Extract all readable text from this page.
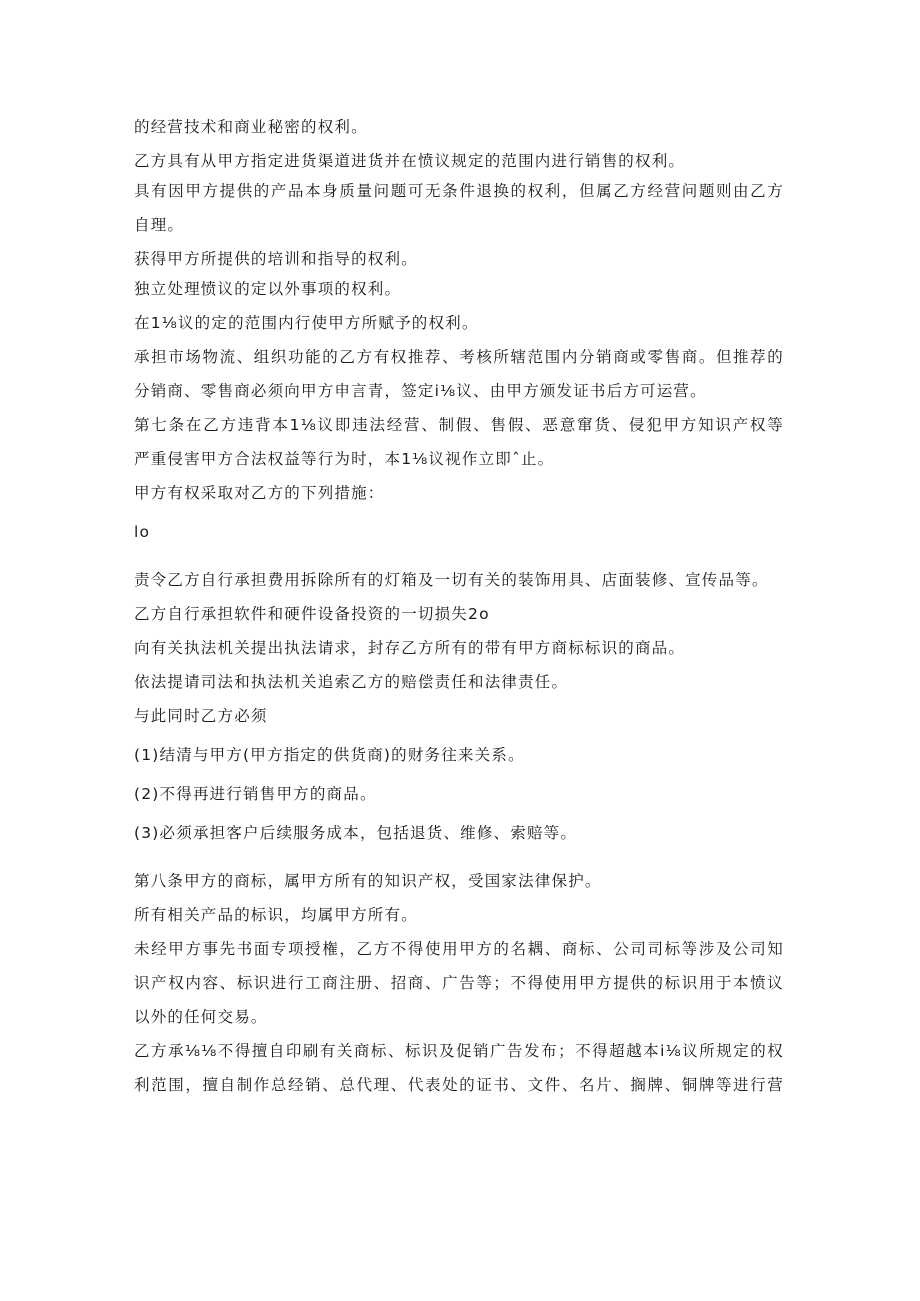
的经营技术和商业秘密的权利。
乙方具有从甲方指定进货渠道进货并在愤议规定的范围内进行销售的权利。
具有因甲方提供的产品本身质量问题可无条件退换的权利，但属乙方经营问题则由乙方
自理。
获得甲方所提供的培训和指导的权利。
独立处理愤议的定以外事项的权利。
在1⅛议的定的范围内行使甲方所赋予的权利。
承担市场物流、组织功能的乙方有权推荐、考核所辖范围内分销商或零售商。但推荐的
分销商、零售商必须向甲方申言青，签定i⅛议、由甲方颁发证书后方可运营。
第七条在乙方违背本1⅛议即违法经营、制假、售假、恶意窜货、侵犯甲方知识产权等
严重侵害甲方合法权益等行为时，本1⅛议视作立即ˆ止。
甲方有权采取对乙方的下列措施：
lo
责令乙方自行承担费用拆除所有的灯箱及一切有关的装饰用具、店面装修、宣传品等。
乙方自行承担软件和硬件设备投资的一切损失2o
向有关执法机关提出执法请求，封存乙方所有的带有甲方商标标识的商品。
依法提请司法和执法机关追索乙方的赔偿责任和法律责任。
与此同时乙方必须
(1)结清与甲方(甲方指定的供货商)的财务往来关系。
(2)不得再进行销售甲方的商品。
(3)必须承担客户后续服务成本，包括退货、维修、索赔等。
第八条甲方的商标，属甲方所有的知识产权，受国家法律保护。
所有相关产品的标识，均属甲方所有。
未经甲方事先书面专项授権，乙方不得使用甲方的名耦、商标、公司司标等涉及公司知
识产权内容、标识进行工商注册、招商、广告等；不得使用甲方提供的标识用于本愤议
以外的任何交易。
乙方承⅛⅛不得擅自印刷有关商标、标识及促销广告发布；不得超越本i⅛议所规定的权
利范围，擅自制作总经销、总代理、代表处的证书、文件、名片、搁牌、铜牌等进行营
